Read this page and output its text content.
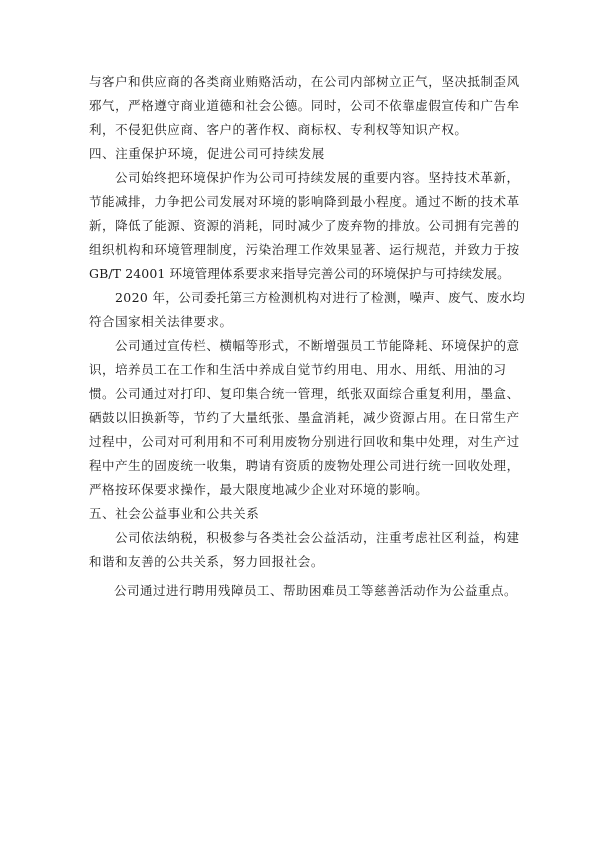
与客户和供应商的各类商业贿赂活动，在公司内部树立正气，坚决抵制歪风

邪气，严格遵守商业道德和社会公德。同时，公司不依靠虚假宣传和广告牟

利，不侵犯供应商、客户的著作权、商标权、专利权等知识产权。

四、注重保护环境，促进公司可持续发展

公司始终把环境保护作为公司可持续发展的重要内容。坚持技术革新，

节能减排，力争把公司发展对环境的影响降到最小程度。通过不断的技术革

新，降低了能源、资源的消耗，同时减少了废弃物的排放。公司拥有完善的

组织机构和环境管理制度，污染治理工作效果显著、运行规范，并致力于按

GB/T 24001 环境管理体系要求来指导完善公司的环境保护与可持续发展。

2020 年，公司委托第三方检测机构对进行了检测，噪声、废气、废水均

符合国家相关法律要求。

公司通过宣传栏、横幅等形式，不断增强员工节能降耗、环境保护的意

识，培养员工在工作和生活中养成自觉节约用电、用水、用纸、用油的习

惯。公司通过对打印、复印集合统一管理，纸张双面综合重复利用，墨盒、

硒鼓以旧换新等，节约了大量纸张、墨盒消耗，减少资源占用。在日常生产

过程中，公司对可利用和不可利用废物分别进行回收和集中处理，对生产过

程中产生的固废统一收集，聘请有资质的废物处理公司进行统一回收处理，

严格按环保要求操作，最大限度地减少企业对环境的影响。

五、社会公益事业和公共关系

公司依法纳税，积极参与各类社会公益活动，注重考虑社区利益，构建

和谐和友善的公共关系，努力回报社会。

公司通过进行聘用残障员工、帮助困难员工等慈善活动作为公益重点。
